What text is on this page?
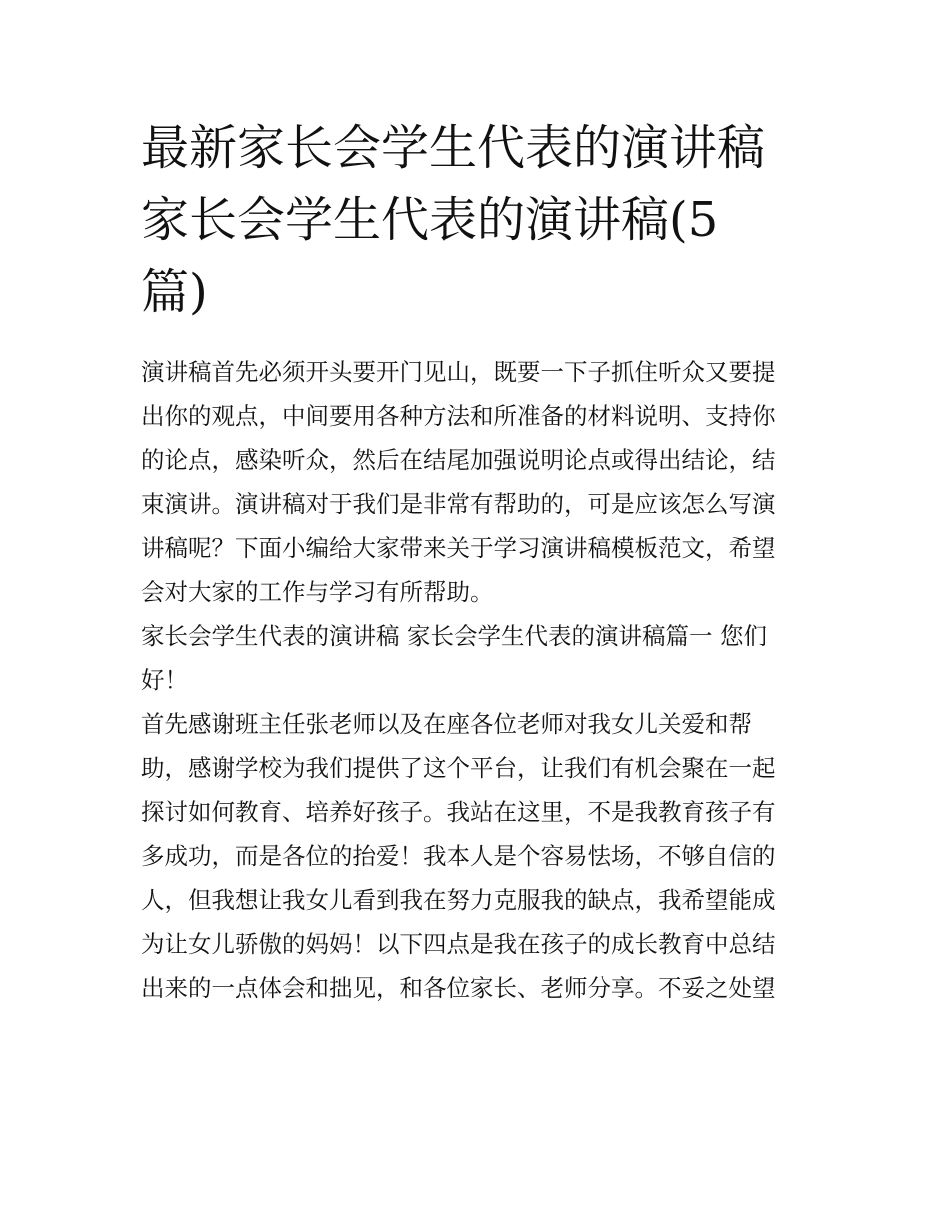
最新家长会学生代表的演讲稿
家长会学生代表的演讲稿(5
篇)

演讲稿首先必须开头要开门见山，既要一下子抓住听众又要提
出你的观点，中间要用各种方法和所准备的材料说明、支持你
的论点，感染听众，然后在结尾加强说明论点或得出结论，结
束演讲。演讲稿对于我们是非常有帮助的，可是应该怎么写演
讲稿呢？下面小编给大家带来关于学习演讲稿模板范文，希望
会对大家的工作与学习有所帮助。

家长会学生代表的演讲稿 家长会学生代表的演讲稿篇一 您们
好！

首先感谢班主任张老师以及在座各位老师对我女儿关爱和帮
助，感谢学校为我们提供了这个平台，让我们有机会聚在一起
探讨如何教育、培养好孩子。我站在这里，不是我教育孩子有
多成功，而是各位的抬爱！我本人是个容易怯场，不够自信的
人，但我想让我女儿看到我在努力克服我的缺点，我希望能成
为让女儿骄傲的妈妈！以下四点是我在孩子的成长教育中总结
出来的一点体会和拙见，和各位家长、老师分享。不妥之处望
